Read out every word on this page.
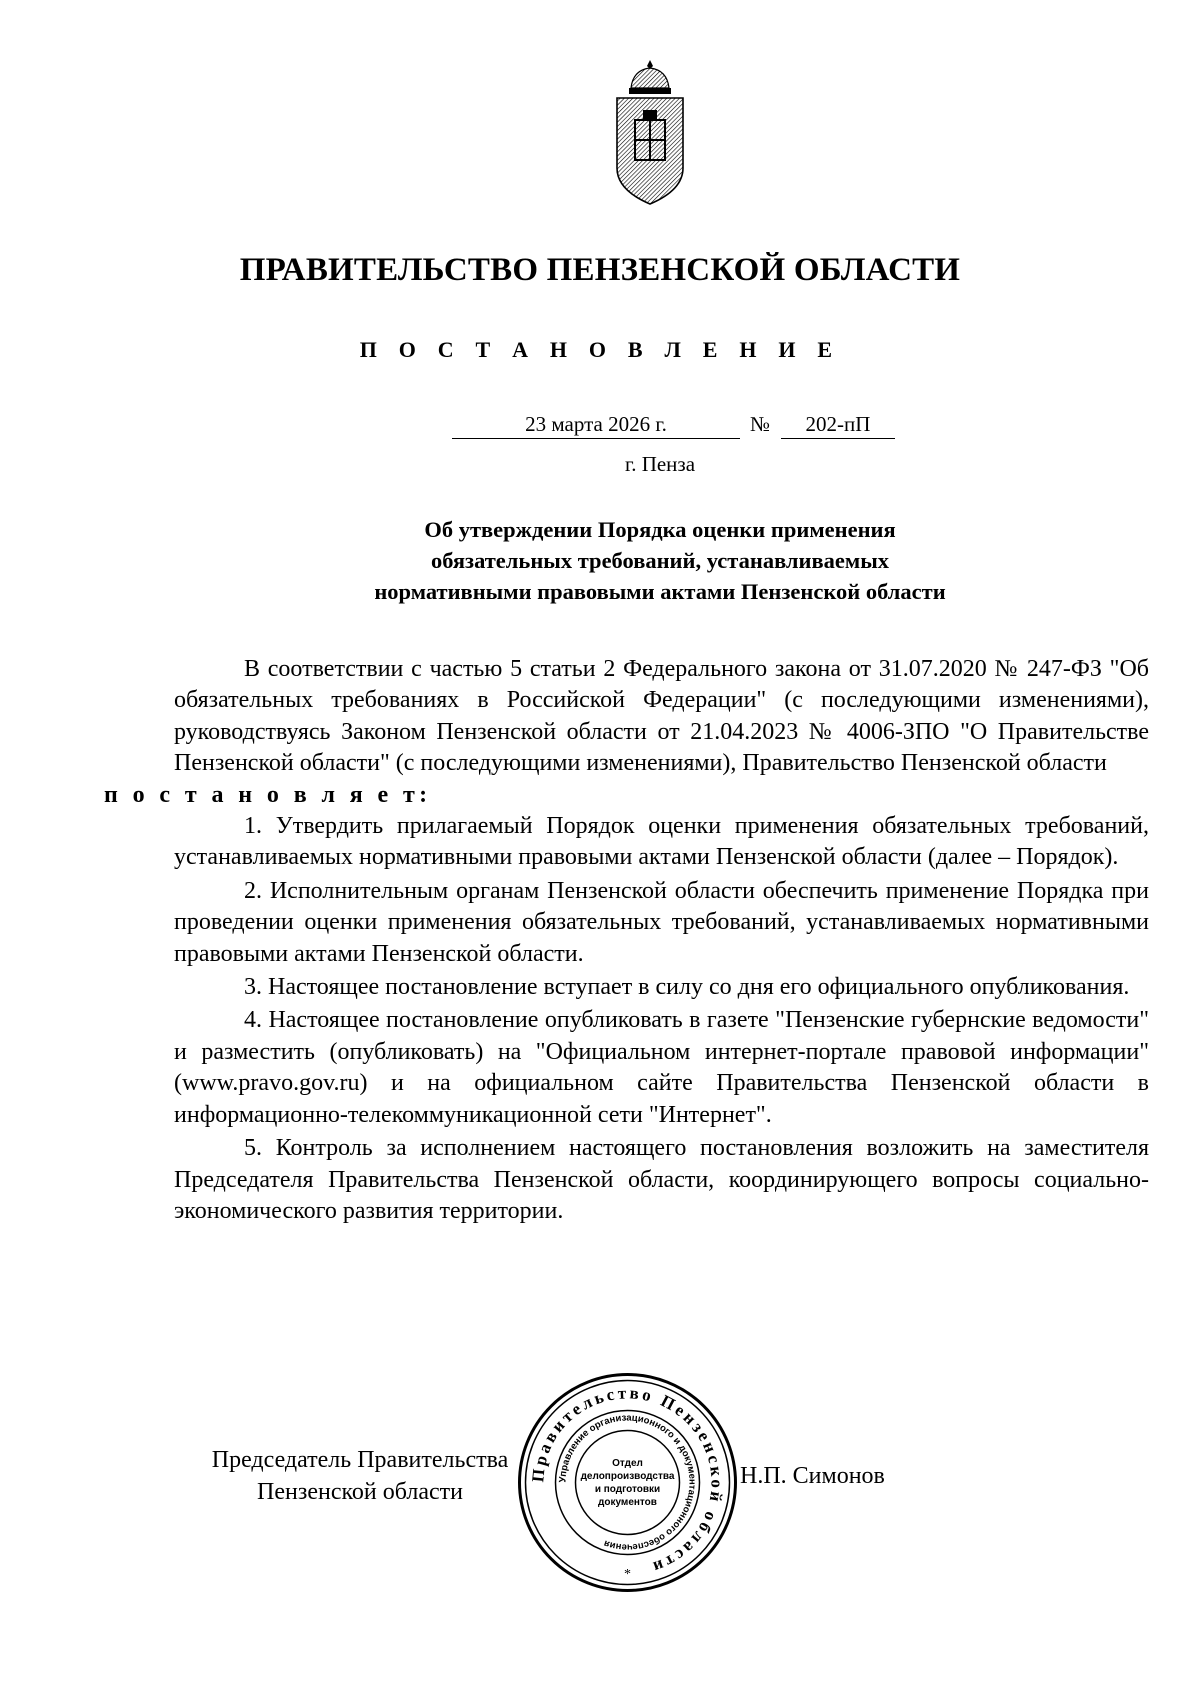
ПРАВИТЕЛЬСТВО ПЕНЗЕНСКОЙ ОБЛАСТИ
П О С Т А Н О В Л Е Н И Е
23 марта 2026 г.	№	202-пП
г. Пенза
Об утверждении Порядка оценки применения
обязательных требований, устанавливаемых
нормативными правовыми актами Пензенской области

В соответствии с частью 5 статьи 2 Федерального закона от 31.07.2020 № 247-ФЗ "Об обязательных требованиях в Российской Федерации" (с последующими изменениями), руководствуясь Законом Пензенской области от 21.04.2023 № 4006-ЗПО "О Правительстве Пензенской области" (с последующими изменениями), Правительство Пензенской области
п о с т а н о в л я е т:

1. Утвердить прилагаемый Порядок оценки применения обязательных требований, устанавливаемых нормативными правовыми актами Пензенской области (далее – Порядок).

2. Исполнительным органам Пензенской области обеспечить применение Порядка при проведении оценки применения обязательных требований, устанавливаемых нормативными правовыми актами Пензенской области.

3. Настоящее постановление вступает в силу со дня его официального опубликования.

4. Настоящее постановление опубликовать в газете "Пензенские губернские ведомости" и разместить (опубликовать) на "Официальном интернет-портале правовой информации" (www.pravo.gov.ru) и на официальном сайте Правительства Пензенской области в информационно-телекоммуникационной сети "Интернет".

5. Контроль за исполнением настоящего постановления возложить на заместителя Председателя Правительства Пензенской области, координирующего вопросы социально-экономического развития территории.

Председатель Правительства
Пензенской области
Н.П. Симонов
Правительство Пензенской области
Управление организационного и документационного обеспечения
Отдел
делопроизводства
и подготовки
документов
*
